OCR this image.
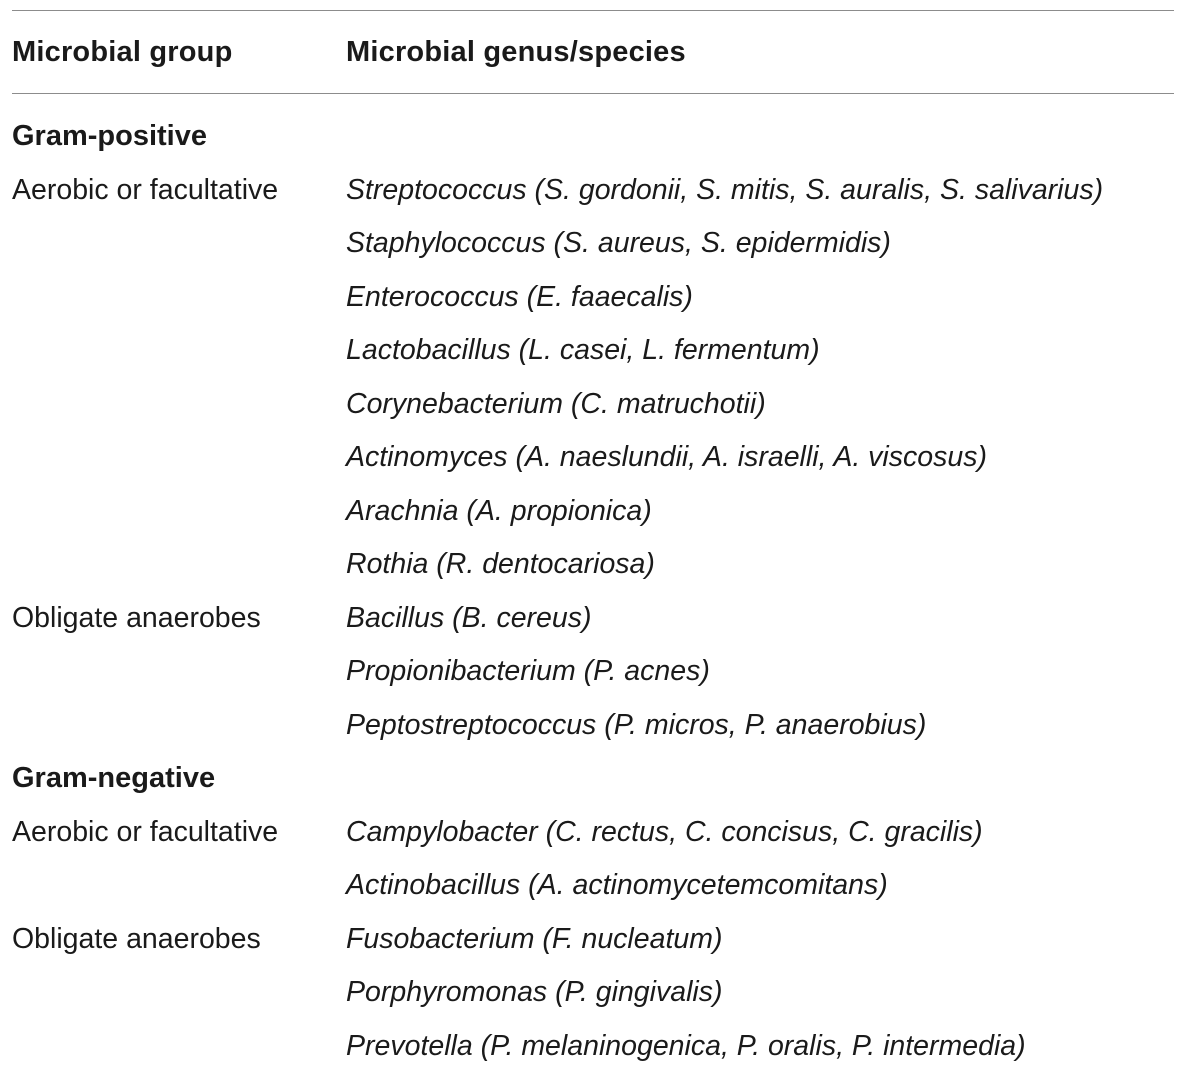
Microbial group	Microbial genus/species
Gram-positive
Aerobic or facultative	Streptococcus (S. gordonii, S. mitis, S. auralis, S. salivarius)
Staphylococcus (S. aureus, S. epidermidis)
Enterococcus (E. faaecalis)
Lactobacillus (L. casei, L. fermentum)
Corynebacterium (C. matruchotii)
Actinomyces (A. naeslundii, A. israelli, A. viscosus)
Arachnia (A. propionica)
Rothia (R. dentocariosa)
Obligate anaerobes	Bacillus (B. cereus)
Propionibacterium (P. acnes)
Peptostreptococcus (P. micros, P. anaerobius)
Gram-negative
Aerobic or facultative	Campylobacter (C. rectus, C. concisus, C. gracilis)
Actinobacillus (A. actinomycetemcomitans)
Obligate anaerobes	Fusobacterium (F. nucleatum)
Porphyromonas (P. gingivalis)
Prevotella (P. melaninogenica, P. oralis, P. intermedia)
